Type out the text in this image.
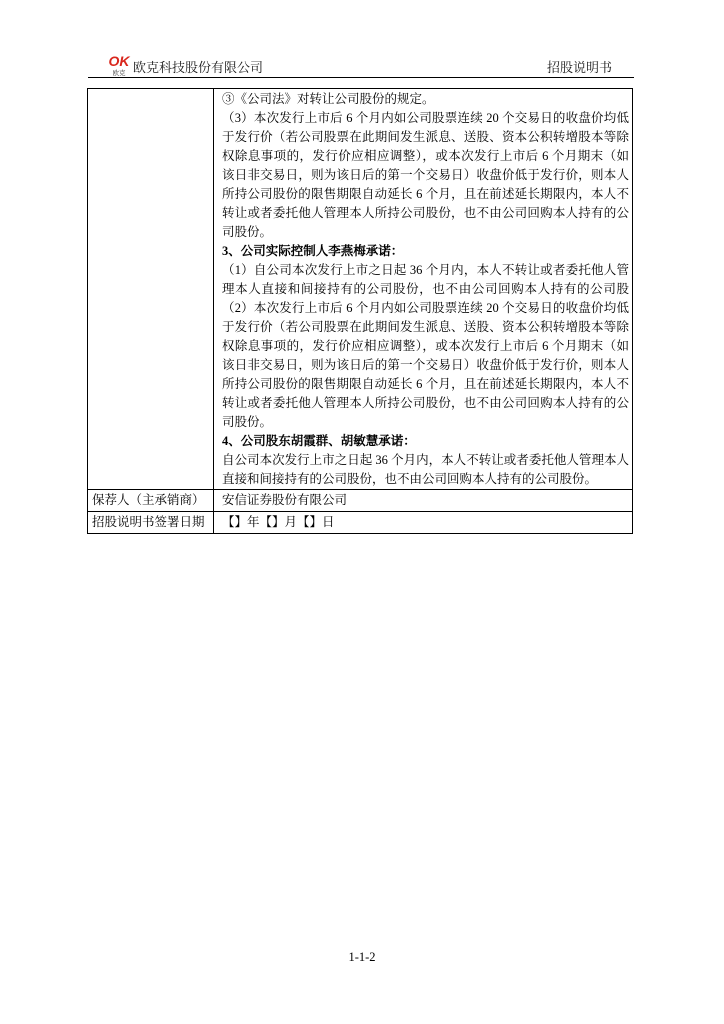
OK
欧克 欧克科技股份有限公司	招股说明书
③《公司法》对转让公司股份的规定。
（3）本次发行上市后 6 个月内如公司股票连续 20 个交易日的收盘价均低
于发行价（若公司股票在此期间发生派息、送股、资本公积转增股本等除
权除息事项的，发行价应相应调整），或本次发行上市后 6 个月期末（如
该日非交易日，则为该日后的第一个交易日）收盘价低于发行价，则本人
所持公司股份的限售期限自动延长 6 个月，且在前述延长期限内，本人不
转让或者委托他人管理本人所持公司股份，也不由公司回购本人持有的公
司股份。
3、公司实际控制人李燕梅承诺：
（1）自公司本次发行上市之日起 36 个月内，本人不转让或者委托他人管
理本人直接和间接持有的公司股份，也不由公司回购本人持有的公司股
（2）本次发行上市后 6 个月内如公司股票连续 20 个交易日的收盘价均低
于发行价（若公司股票在此期间发生派息、送股、资本公积转增股本等除
权除息事项的，发行价应相应调整），或本次发行上市后 6 个月期末（如
该日非交易日，则为该日后的第一个交易日）收盘价低于发行价，则本人
所持公司股份的限售期限自动延长 6 个月，且在前述延长期限内，本人不
转让或者委托他人管理本人所持公司股份，也不由公司回购本人持有的公
司股份。
4、公司股东胡霞群、胡敏慧承诺：
自公司本次发行上市之日起 36 个月内，本人不转让或者委托他人管理本人
直接和间接持有的公司股份，也不由公司回购本人持有的公司股份。
保荐人（主承销商）	安信证券股份有限公司
招股说明书签署日期	【】年【】月【】日
1-1-2
